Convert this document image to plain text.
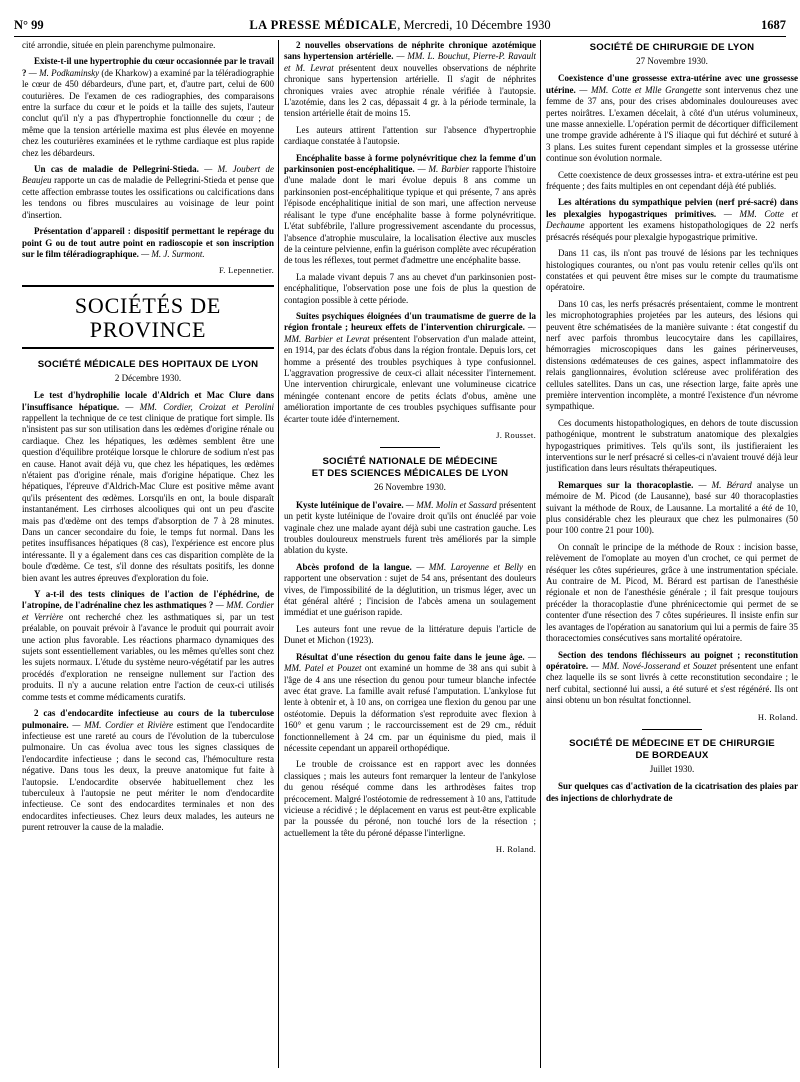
N° 99	LA PRESSE MÉDICALE, Mercredi, 10 Décembre 1930	1687

cité arrondie, située en plein parenchyme pulmonaire.

Existe-t-il une hypertrophie du cœur occasionnée par le travail ? — M. Podkaminsky (de Kharkow) a examiné par la téléradiographie le cœur de 450 débardeurs, d'une part, et, d'autre part, celui de 600 couturières. De l'examen de ces radiographies, des comparaisons entre la surface du cœur et le poids et la taille des sujets, l'auteur conclut qu'il n'y a pas d'hypertrophie fonctionnelle du cœur ; de même que la tension artérielle maxima est plus élevée en moyenne chez les couturières examinées et le rythme cardiaque est plus rapide chez les débardeurs.

Un cas de maladie de Pellegrini-Stieda. — M. Joubert de Beaujeu rapporte un cas de maladie de Pellegrini-Stieda et pense que cette affection embrasse toutes les ossifications ou calcifications dans les tendons ou fibres musculaires au voisinage de leur point d'insertion.

Présentation d'appareil : dispositif permettant le repérage du point G ou de tout autre point en radioscopie et son inscription sur le film téléradiographique. — M. J. Surmont.

F. Lepennetier.
SOCIÉTÉS DE PROVINCE
SOCIÉTÉ MÉDICALE DES HOPITAUX DE LYON
2 Décembre 1930.

Le test d'hydrophilie locale d'Aldrich et Mac Clure dans l'insuffisance hépatique. — MM. Cordier, Croizat et Perolini rappellent la technique de ce test clinique de pratique fort simple. Ils n'insistent pas sur son utilisation dans les œdèmes d'origine rénale ou cardiaque. Chez les hépatiques, les œdèmes semblent être une question d'équilibre protéique lorsque le chlorure de sodium n'est pas en cause. Hanot avait déjà vu, que chez les hépatiques, les œdèmes n'étaient pas d'origine rénale, mais d'origine hépatique. Chez les hépatiques, l'épreuve d'Aldrich-Mac Clure est positive même avant qu'ils présentent des œdèmes. Lorsqu'ils en ont, la boule disparaît instantanément. Les cirrhoses alcooliques qui ont un peu d'ascite mais pas d'œdème ont des temps d'absorption de 7 à 28 minutes. Dans un cancer secondaire du foie, le temps fut normal. Dans les petites insuffisances hépatiques (8 cas), l'expérience est encore plus intéressante. Il y a également dans ces cas disparition complète de la boule d'œdème. Ce test, s'il donne des résultats positifs, les donne bien avant les autres épreuves d'exploration du foie.

Y a-t-il des tests cliniques de l'action de l'éphédrine, de l'atropine, de l'adrénaline chez les asthmatiques ? — MM. Cordier et Verrière ont recherché chez les asthmatiques si, par un test préalable, on pouvait prévoir à l'avance le produit qui pourrait avoir une action plus favorable. Les réactions pharmaco dynamiques des sujets sont essentiellement variables, ou les mêmes qu'elles sont chez les sujets normaux. L'étude du système neuro-végétatif par les autres procédés d'exploration ne renseigne nullement sur l'action des produits. Il n'y a aucune relation entre l'action de ceux-ci utilisés comme tests et comme médicaments curatifs.

2 cas d'endocardite infectieuse au cours de la tuberculose pulmonaire. — MM. Cordier et Rivière estiment que l'endocardite infectieuse est une rareté au cours de l'évolution de la tuberculose pulmonaire. Un cas évolua avec tous les signes classiques de l'endocardite infectieuse ; dans le second cas, l'hémoculture resta négative. Dans tous les deux, la preuve anatomique fut faite à l'autopsie. L'endocardite observée habituellement chez les tuberculeux à l'autopsie ne peut mériter le nom d'endocardite infectieuse. Ce sont des endocardites terminales et non des endocardites infectieuses. Chez leurs deux malades, les auteurs ne purent retrouver la cause de la maladie.

2 nouvelles observations de néphrite chronique azotémique sans hypertension artérielle. — MM. L. Bouchut, Pierre-P. Ravault et M. Levrat présentent deux nouvelles observations de néphrite chronique sans hypertension artérielle. Il s'agit de néphrites chroniques vraies avec atrophie rénale vérifiée à l'autopsie. L'azotémie, dans les 2 cas, dépassait 4 gr. à la période terminale, la tension artérielle était de moins 15.

Les auteurs attirent l'attention sur l'absence d'hypertrophie cardiaque constatée à l'autopsie.

Encéphalite basse à forme polynévritique chez la femme d'un parkinsonien post-encéphalitique. — M. Barbier rapporte l'histoire d'une malade dont le mari évolue depuis 8 ans comme un parkinsonien post-encéphalitique typique et qui présente, 7 ans après l'épisode encéphalitique initial de son mari, une affection nerveuse réalisant le type d'une encéphalite basse à forme polynévritique. L'état subfébrile, l'allure progressivement ascendante du processus, l'absence d'atrophie musculaire, la localisation élective aux muscles de la ceinture pelvienne, enfin la guérison complète avec récupération de tous les réflexes, tout permet d'admettre une encéphalite basse.

La malade vivant depuis 7 ans au chevet d'un parkinsonien post-encéphalitique, l'observation pose une fois de plus la question de contagion possible à cette période.

Suites psychiques éloignées d'un traumatisme de guerre de la région frontale ; heureux effets de l'intervention chirurgicale. — MM. Barbier et Levrat présentent l'observation d'un malade atteint, en 1914, par des éclats d'obus dans la région frontale. Depuis lors, cet homme a présenté des troubles psychiques à type confusionnel. L'aggravation progressive de ceux-ci allait nécessiter l'internement. Une intervention chirurgicale, enlevant une volumineuse cicatrice méningée contenant encore de petits éclats d'obus, amène une amélioration importante de ces troubles psychiques suffisante pour écarter toute idée d'internement.

J. Rousset.
SOCIÉTÉ NATIONALE DE MÉDECINE
ET DES SCIENCES MÉDICALES DE LYON
26 Novembre 1930.

Kyste lutéinique de l'ovaire. — MM. Molin et Sassard présentent un petit kyste lutéinique de l'ovaire droit qu'ils ont énucléé par voie vaginale chez une malade ayant déjà subi une castration gauche. Les troubles douloureux menstruels furent très améliorés par la simple ablation du kyste.

Abcès profond de la langue. — MM. Laroyenne et Belly en rapportent une observation : sujet de 54 ans, présentant des douleurs vives, de l'impossibilité de la déglutition, un trismus léger, avec un état général altéré ; l'incision de l'abcès amena un soulagement immédiat et une guérison rapide.

Les auteurs font une revue de la littérature depuis l'article de Dunet et Michon (1923).

Résultat d'une résection du genou faite dans le jeune âge. — MM. Patel et Pouzet ont examiné un homme de 38 ans qui subit à l'âge de 4 ans une résection du genou pour tumeur blanche infectée avec état grave. La famille avait refusé l'amputation. L'ankylose fut lente à obtenir et, à 10 ans, on corrigea une flexion du genou par une ostéotomie. Depuis la déformation s'est reproduite avec flexion à 160° et genu varum ; le raccourcissement est de 29 cm., réduit fonctionnellement à 24 cm. par un équinisme du pied, mais il nécessite cependant un appareil orthopédique.

Le trouble de croissance est en rapport avec les données classiques ; mais les auteurs font remarquer la lenteur de l'ankylose du genou réséqué comme dans les arthrodèses faites trop précocement. Malgré l'ostéotomie de redressement à 10 ans, l'attitude vicieuse a récidivé ; le déplacement en varus est peut-être explicable par la poussée du péroné, non touché lors de la résection ; actuellement la tête du péroné dépasse l'interligne.

H. Roland.
SOCIÉTÉ DE CHIRURGIE DE LYON
27 Novembre 1930.

Coexistence d'une grossesse extra-utérine avec une grossesse utérine. — MM. Cotte et Mlle Grangette sont intervenus chez une femme de 37 ans, pour des crises abdominales douloureuses avec pertes noirâtres. L'examen décelait, à côté d'un utérus volumineux, une masse annexielle. L'opération permit de décortiquer difficilement une trompe gravide adhérente à l'S iliaque qui fut déchiré et suturé à 3 plans. Les suites furent cependant simples et la grossesse utérine continue son évolution normale.

Cette coexistence de deux grossesses intra- et extra-utérine est peu fréquente ; des faits multiples en ont cependant déjà été publiés.

Les altérations du sympathique pelvien (nerf pré-sacré) dans les plexalgies hypogastriques primitives. — MM. Cotte et Dechaume apportent les examens histopathologiques de 22 nerfs présacrés réséqués pour plexalgie hypogastrique primitive.

Dans 11 cas, ils n'ont pas trouvé de lésions par les techniques histologiques courantes, ou n'ont pas voulu retenir celles qu'ils ont constatées et qui peuvent être mises sur le compte du traumatisme opératoire.

Dans 10 cas, les nerfs présacrés présentaient, comme le montrent les microphotographies projetées par les auteurs, des lésions qui peuvent être schématisées de la manière suivante : état congestif du nerf avec parfois thrombus leucocytaire dans les capillaires, hémorragies microscopiques dans les gaines périnerveuses, distensions œdémateuses de ces gaines, aspect inflammatoire des relais ganglionnaires, évolution scléreuse avec prolifération des cellules satellites. Dans un cas, une résection large, faite après une première intervention incomplète, a montré l'existence d'un névrome sympathique.

Ces documents histopathologiques, en dehors de toute discussion pathogénique, montrent le substratum anatomique des plexalgies hypogastriques primitives. Tels qu'ils sont, ils justifieraient les interventions sur le nerf présacré si celles-ci n'avaient trouvé déjà leur justification dans leurs résultats thérapeutiques.

Remarques sur la thoracoplastie. — M. Bérard analyse un mémoire de M. Picod (de Lausanne), basé sur 40 thoracoplasties suivant la méthode de Roux, de Lausanne. La mortalité a été de 10, plus considérable chez les pleuraux que chez les pulmonaires (50 pour 100 contre 21 pour 100).

On connaît le principe de la méthode de Roux : incision basse, relèvement de l'omoplate au moyen d'un crochet, ce qui permet de réséquer les côtes supérieures, grâce à une instrumentation spéciale. Au contraire de M. Picod, M. Bérard est partisan de l'anesthésie régionale et non de l'anesthésie générale ; il fait presque toujours précéder la thoracoplastie d'une phrénicectomie qui permet de se contenter d'une résection des 7 côtes supérieures. Il insiste enfin sur les avantages de l'opération au sanatorium qui lui a permis de faire 35 thoracectomies consécutives sans mortalité opératoire.

Section des tendons fléchisseurs au poignet ; reconstitution opératoire. — MM. Nové-Josserand et Souzet présentent une enfant chez laquelle ils se sont livrés à cette reconstitution secondaire ; le nerf cubital, sectionné lui aussi, a été suturé et s'est régénéré. Ils ont ainsi obtenu un bon résultat fonctionnel.

H. Roland.
SOCIÉTÉ DE MÉDECINE ET DE CHIRURGIE
DE BORDEAUX
Juillet 1930.

Sur quelques cas d'activation de la cicatrisation des plaies par des injections de chlorhydrate de
